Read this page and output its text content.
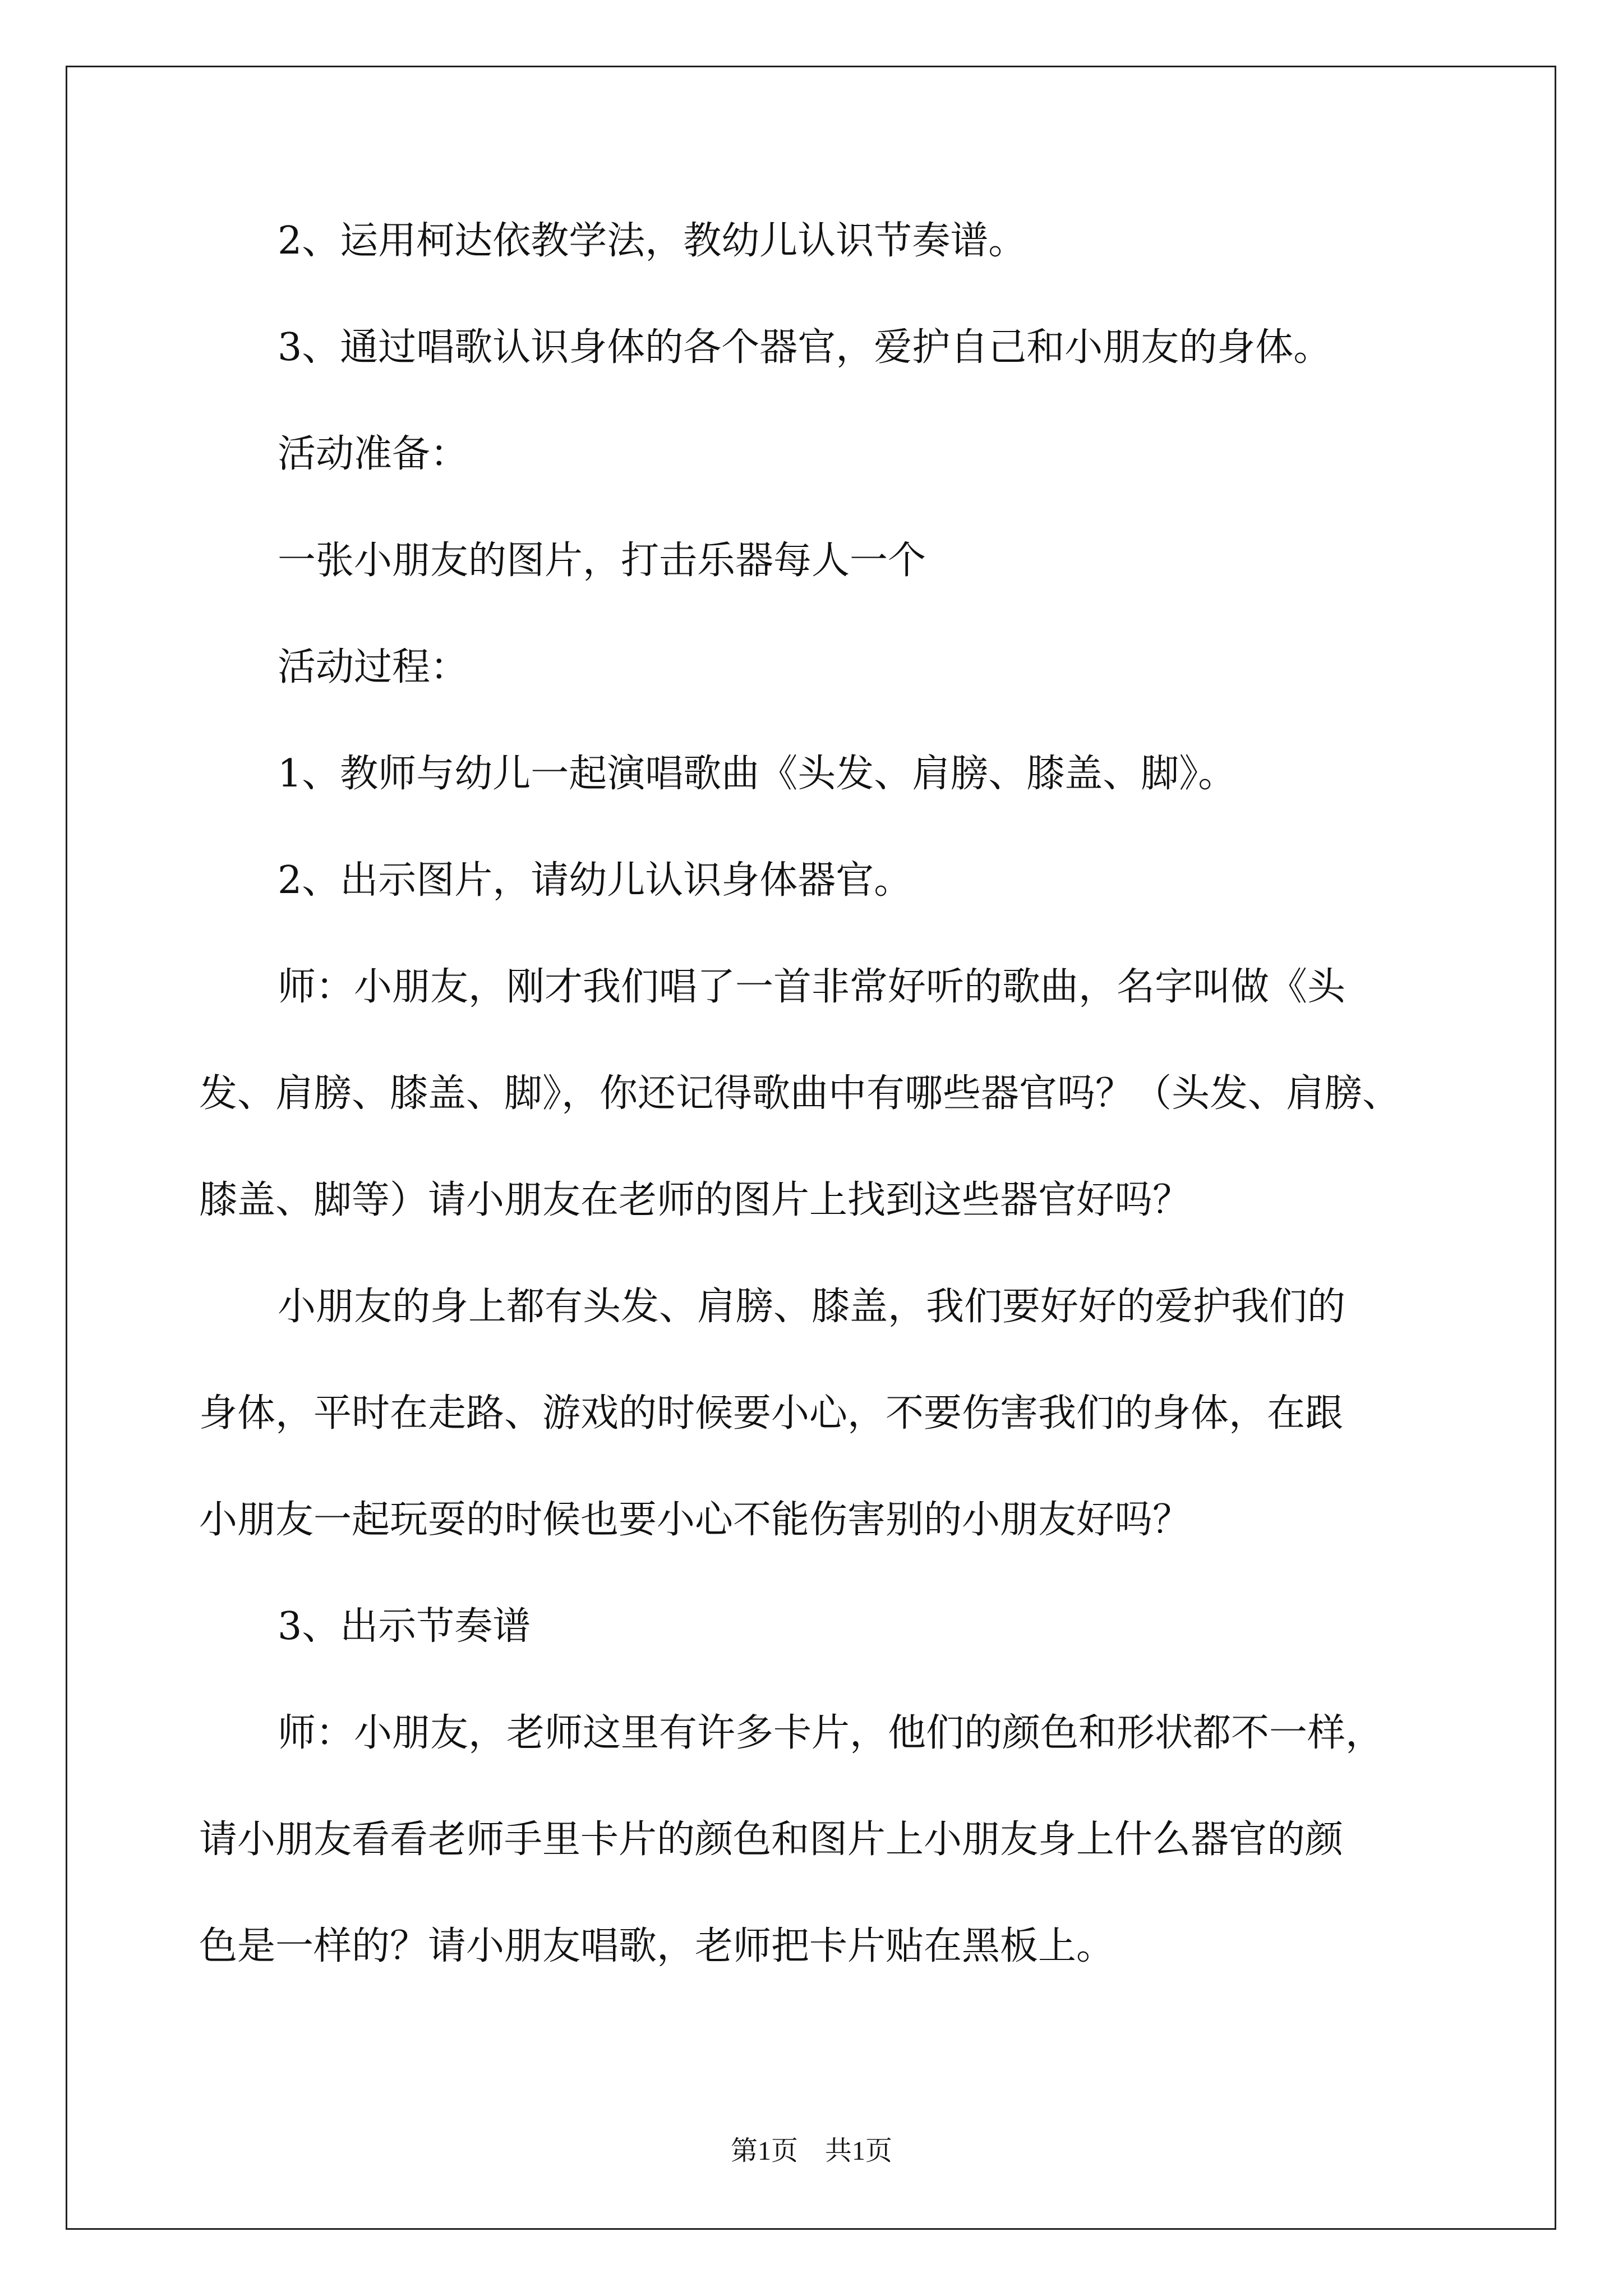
2、运用柯达依教学法，教幼儿认识节奏谱。
3、通过唱歌认识身体的各个器官，爱护自己和小朋友的身体。
活动准备：
一张小朋友的图片，打击乐器每人一个
活动过程：
1、教师与幼儿一起演唱歌曲《头发、肩膀、膝盖、脚》。
2、出示图片，请幼儿认识身体器官。
师：小朋友，刚才我们唱了一首非常好听的歌曲，名字叫做《头
发、肩膀、膝盖、脚》，你还记得歌曲中有哪些器官吗？（头发、肩膀、
膝盖、脚等）请小朋友在老师的图片上找到这些器官好吗？
小朋友的身上都有头发、肩膀、膝盖，我们要好好的爱护我们的
身体，平时在走路、游戏的时候要小心，不要伤害我们的身体，在跟
小朋友一起玩耍的时候也要小心不能伤害别的小朋友好吗？
3、出示节奏谱
师：小朋友，老师这里有许多卡片，他们的颜色和形状都不一样，
请小朋友看看老师手里卡片的颜色和图片上小朋友身上什么器官的颜
色是一样的？请小朋友唱歌，老师把卡片贴在黑板上。
第1页 共1页
